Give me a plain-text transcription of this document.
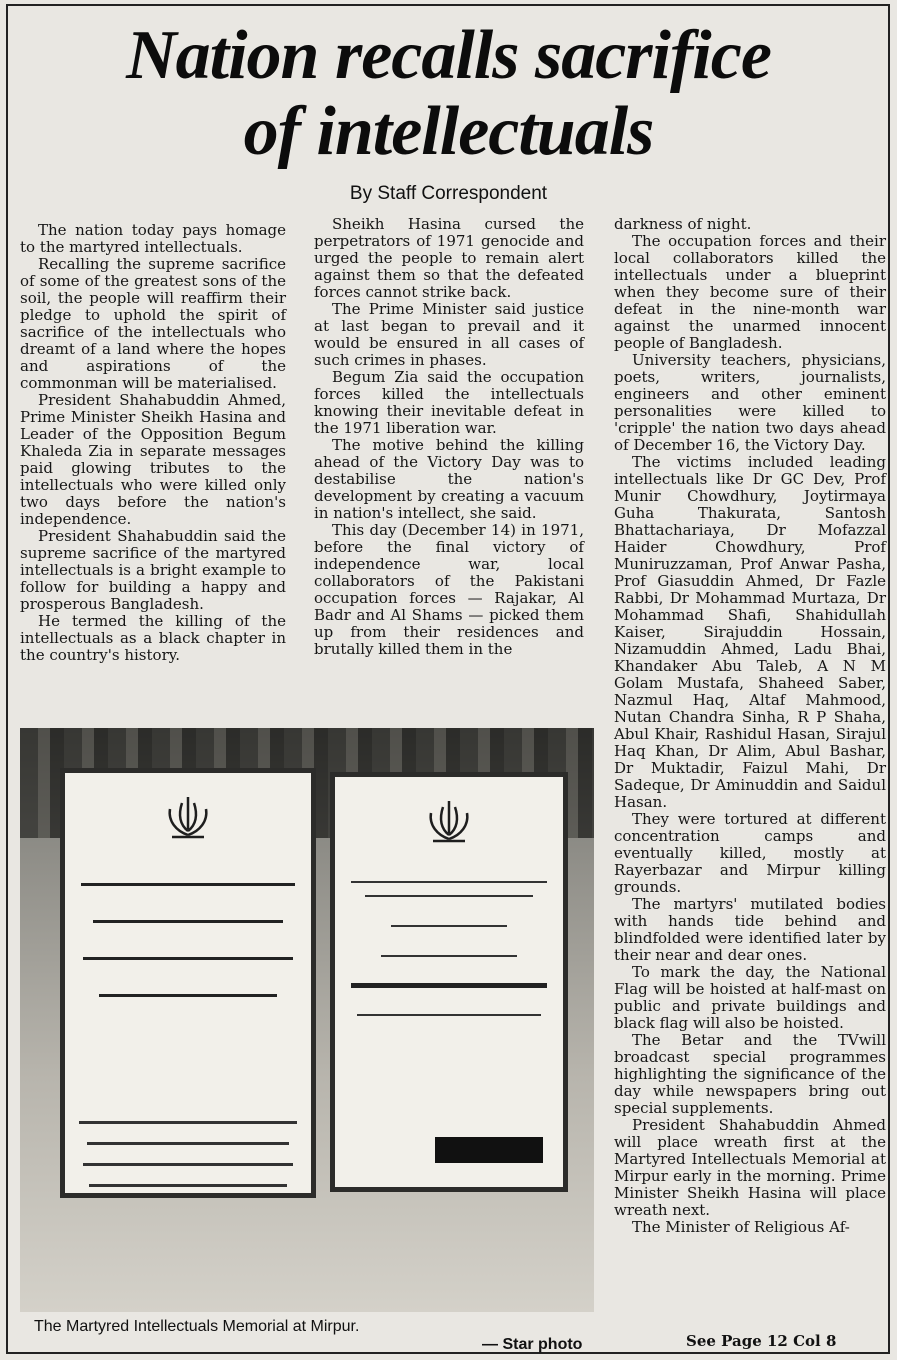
Nation recalls sacrifice
of intellectuals
By Staff Correspondent

The nation today pays homage to the martyred intellectuals.

Recalling the supreme sacrifice of some of the greatest sons of the soil, the people will reaffirm their pledge to uphold the spirit of sacrifice of the intellectuals who dreamt of a land where the hopes and aspirations of the commonman will be materialised.

President Shahabuddin Ahmed, Prime Minister Sheikh Hasina and Leader of the Opposition Begum Khaleda Zia in separate messages paid glowing tributes to the intellectuals who were killed only two days before the nation's independence.

President Shahabuddin said the supreme sacrifice of the martyred intellectuals is a bright example to follow for building a happy and prosperous Bangladesh.

He termed the killing of the intellectuals as a black chapter in the country's history.

Sheikh Hasina cursed the perpetrators of 1971 genocide and urged the people to remain alert against them so that the defeated forces cannot strike back.

The Prime Minister said justice at last began to prevail and it would be ensured in all cases of such crimes in phases.

Begum Zia said the occupation forces killed the intellectuals knowing their inevitable defeat in the 1971 liberation war.

The motive behind the killing ahead of the Victory Day was to destabilise the nation's development by creating a vacuum in nation's intellect, she said.

This day (December 14) in 1971, before the final victory of independence war, local collaborators of the Pakistani occupation forces — Rajakar, Al Badr and Al Shams — picked them up from their residences and brutally killed them in the

darkness of night.

The occupation forces and their local collaborators killed the intellectuals under a blueprint when they become sure of their defeat in the nine-month war against the unarmed innocent people of Bangladesh.

University teachers, physicians, poets, writers, journalists, engineers and other eminent personalities were killed to 'cripple' the nation two days ahead of December 16, the Victory Day.

The victims included leading intellectuals like Dr GC Dev, Prof Munir Chowdhury, Joytirmaya Guha Thakurata, Santosh Bhattachariaya, Dr Mofazzal Haider Chowdhury, Prof Muniruzzaman, Prof Anwar Pasha, Prof Giasuddin Ahmed, Dr Fazle Rabbi, Dr Mohammad Murtaza, Dr Mohammad Shafi, Shahidullah Kaiser, Sirajuddin Hossain, Nizamuddin Ahmed, Ladu Bhai, Khandaker Abu Taleb, A N M Golam Mustafa, Shaheed Saber, Nazmul Haq, Altaf Mahmood, Nutan Chandra Sinha, R P Shaha, Abul Khair, Rashidul Hasan, Sirajul Haq Khan, Dr Alim, Abul Bashar, Dr Muktadir, Faizul Mahi, Dr Sadeque, Dr Aminuddin and Saidul Hasan.

They were tortured at different concentration camps and eventually killed, mostly at Rayerbazar and Mirpur killing grounds.

The martyrs' mutilated bodies with hands tide behind and blindfolded were identified later by their near and dear ones.

To mark the day, the National Flag will be hoisted at half-mast on public and private buildings and black flag will also be hoisted.

The Betar and the TVwill broadcast special programmes highlighting the significance of the day while newspapers bring out special supplements.

President Shahabuddin Ahmed will place wreath first at the Martyred Intellectuals Memorial at Mirpur early in the morning. Prime Minister Sheikh Hasina will place wreath next.

The Minister of Religious Af-

The Martyred Intellectuals Memorial at Mirpur.
— Star photo	See Page 12 Col 8
